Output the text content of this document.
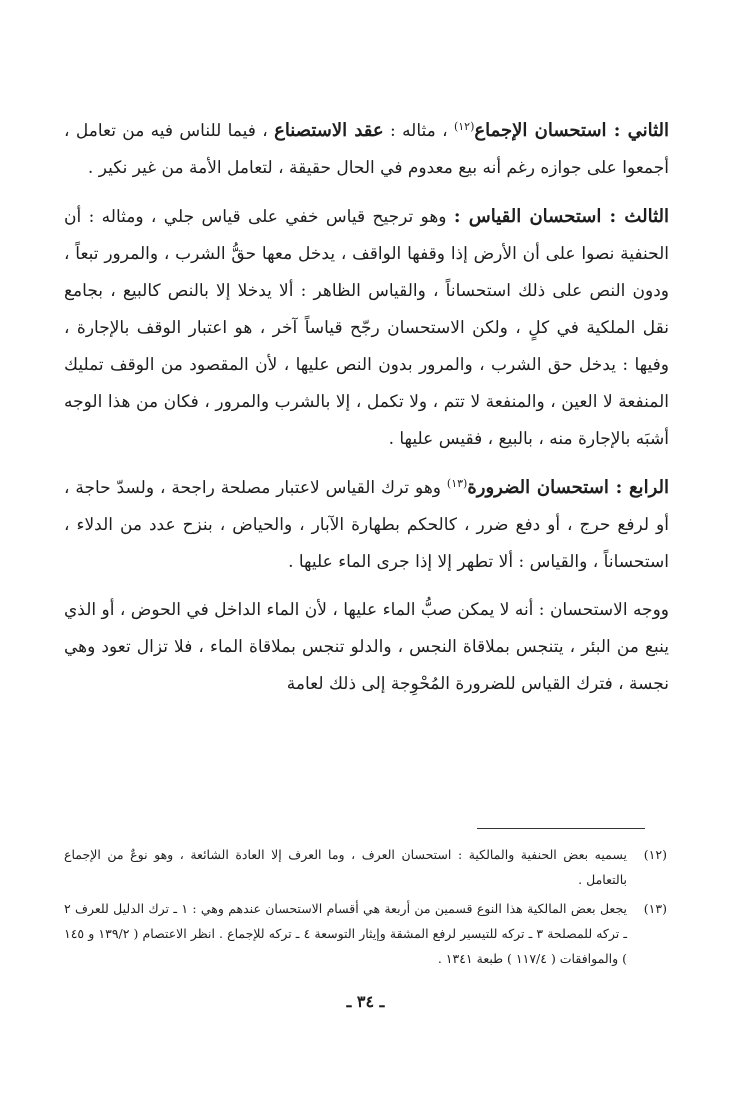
الثاني : استحسان الإجماع$^{(١٢)}$ ، مثاله : عقد الاستصناع ، فيما للناس فيه من تعامل ، أجمعوا على جوازه رغم أنه بيع معدوم في الحال حقيقة ، لتعامل الأمة من غير نكير .

الثالث : استحسان القياس : وهو ترجيح قياس خفي على قياس جلي ، ومثاله : أن الحنفية نصوا على أن الأرض إذا وقفها الواقف ، يدخل معها حقُّ الشرب ، والمرور تبعاً ، ودون النص على ذلك استحساناً ، والقياس الظاهر : ألا يدخلا إلا بالنص كالبيع ، بجامع نقل الملكية في كلٍ ، ولكن الاستحسان رجّح قياساً آخر ، هو اعتبار الوقف بالإجارة ، وفيها : يدخل حق الشرب ، والمرور بدون النص عليها ، لأن المقصود من الوقف تمليك المنفعة لا العين ، والمنفعة لا تتم ، ولا تكمل ، إلا بالشرب والمرور ، فكان من هذا الوجه أشبَه بالإجارة منه ، بالبيع ، فقيس عليها .

الرابع : استحسان الضرورة$^{(١٣)}$ وهو ترك القياس لاعتبار مصلحة راجحة ، ولسدّ حاجة ، أو لرفع حرج ، أو دفع ضرر ، كالحكم بطهارة الآبار ، والحياض ، بنزح عدد من الدلاء ، استحساناً ، والقياس : ألا تطهر إلا إذا جرى الماء عليها .

ووجه الاستحسان : أنه لا يمكن صبُّ الماء عليها ، لأن الماء الداخل في الحوض ، أو الذي ينبع من البئر ، يتنجس بملاقاة النجس ، والدلو تنجس بملاقاة الماء ، فلا تزال تعود وهي نجسة ، فترك القياس للضرورة المُحْوِجة إلى ذلك لعامة

(١٢)
يسميه بعض الحنفية والمالكية : استحسان العرف ، وما العرف إلا العادة الشائعة ، وهو نوعٌ من الإجماع بالتعامل .
(١٣)
يجعل بعض المالكية هذا النوع قسمين من أربعة هي أقسام الاستحسان عندهم وهي : ١ ـ ترك الدليل للعرف ٢ ـ تركه للمصلحة ٣ ـ تركه للتيسير لرفع المشقة وإيثار التوسعة ٤ ـ تركه للإجماع . انظر الاعتصام ( ١٣٩/٢ و ١٤٥ ) والموافقات ( ١١٧/٤ ) طبعة ١٣٤١ .
ـ ٣٤ ـ
